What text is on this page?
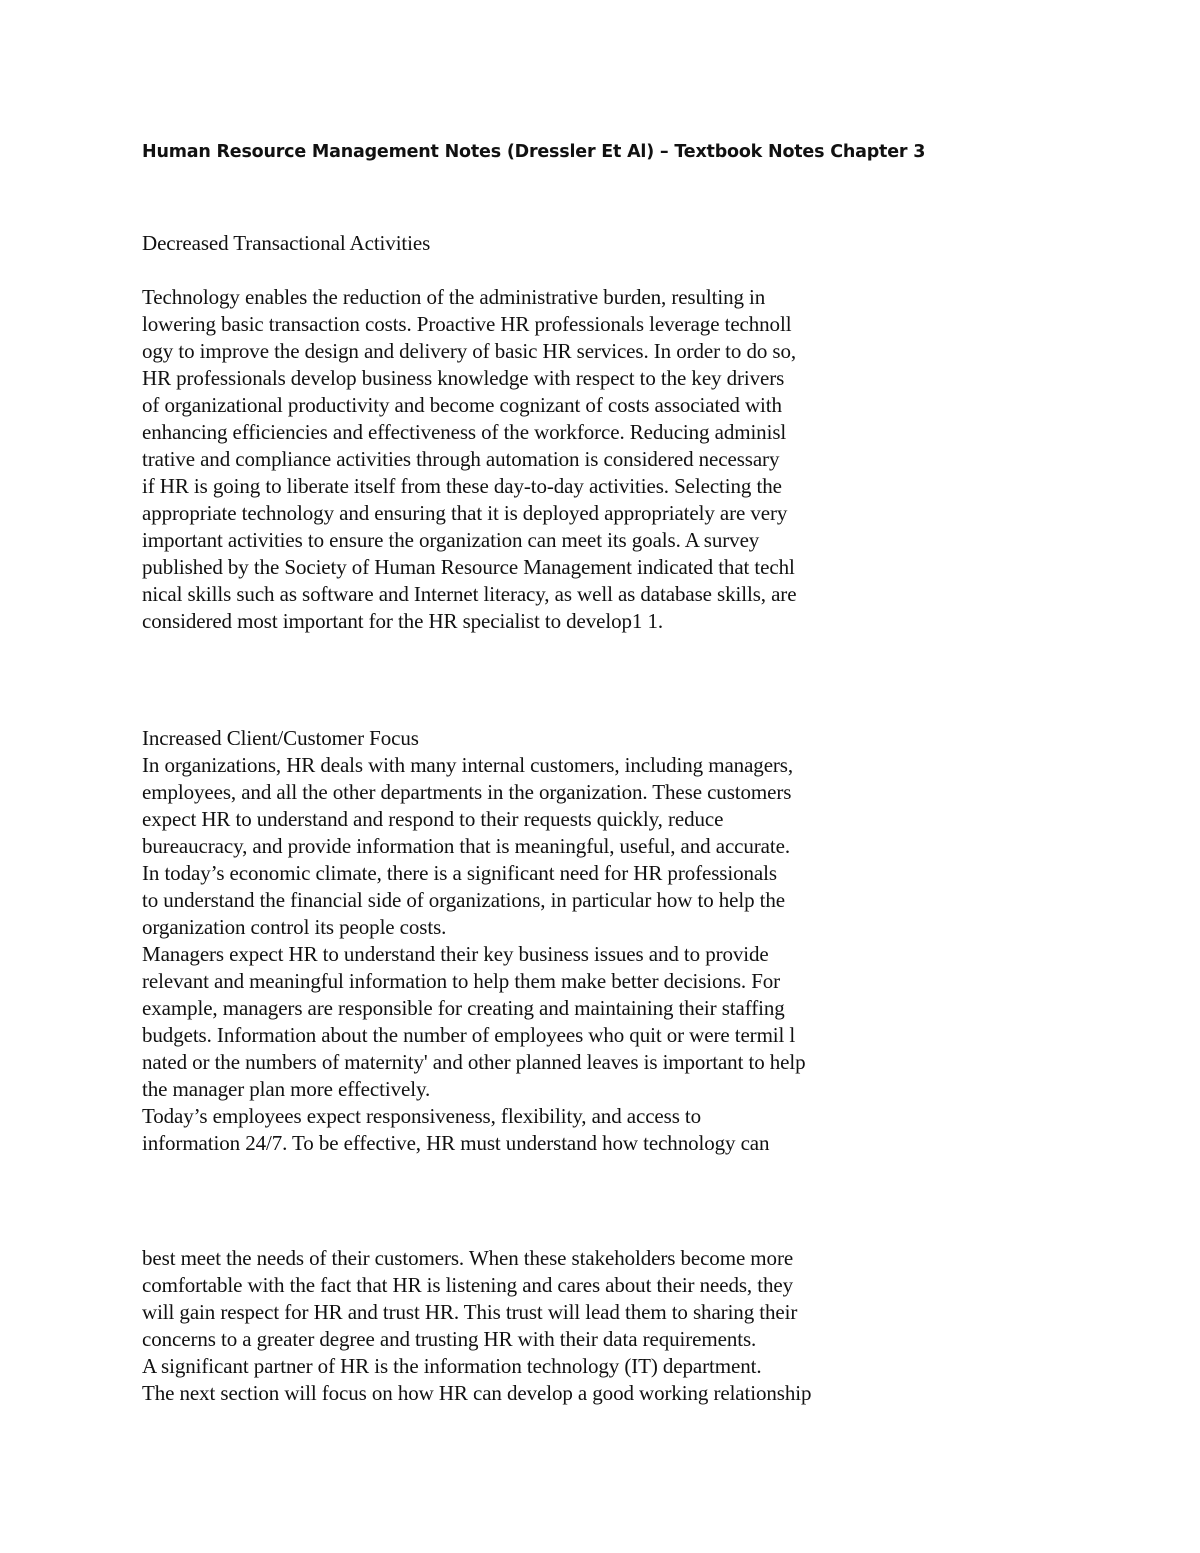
Human Resource Management Notes (Dressler Et Al) – Textbook Notes Chapter 3
Decreased Transactional Activities
Technology enables the reduction of the administrative burden, resulting in
lowering basic transaction costs. Proactive HR professionals leverage technoll
ogy to improve the design and delivery of basic HR services. In order to do so,
HR professionals develop business knowledge with respect to the key drivers
of organizational productivity and become cognizant of costs associated with
enhancing efficiencies and effectiveness of the workforce. Reducing adminisl
trative and compliance activities through automation is considered necessary
if HR is going to liberate itself from these day-to-day activities. Selecting the
appropriate technology and ensuring that it is deployed appropriately are very
important activities to ensure the organization can meet its goals. A survey
published by the Society of Human Resource Management indicated that techl
nical skills such as software and Internet literacy, as well as database skills, are
considered most important for the HR specialist to develop1 1.
Increased Client/Customer Focus
In organizations, HR deals with many internal customers, including managers,
employees, and all the other departments in the organization. These customers
expect HR to understand and respond to their requests quickly, reduce
bureaucracy, and provide information that is meaningful, useful, and accurate.
In today’s economic climate, there is a significant need for HR professionals
to understand the financial side of organizations, in particular how to help the
organization control its people costs.
Managers expect HR to understand their key business issues and to provide
relevant and meaningful information to help them make better decisions. For
example, managers are responsible for creating and maintaining their staffing
budgets. Information about the number of employees who quit or were termil l
nated or the numbers of maternity' and other planned leaves is important to help
the manager plan more effectively.
Today’s employees expect responsiveness, flexibility, and access to
information 24/7. To be effective, HR must understand how technology can
best meet the needs of their customers. When these stakeholders become more
comfortable with the fact that HR is listening and cares about their needs, they
will gain respect for HR and trust HR. This trust will lead them to sharing their
concerns to a greater degree and trusting HR with their data requirements.
A significant partner of HR is the information technology (IT) department.
The next section will focus on how HR can develop a good working relationship
